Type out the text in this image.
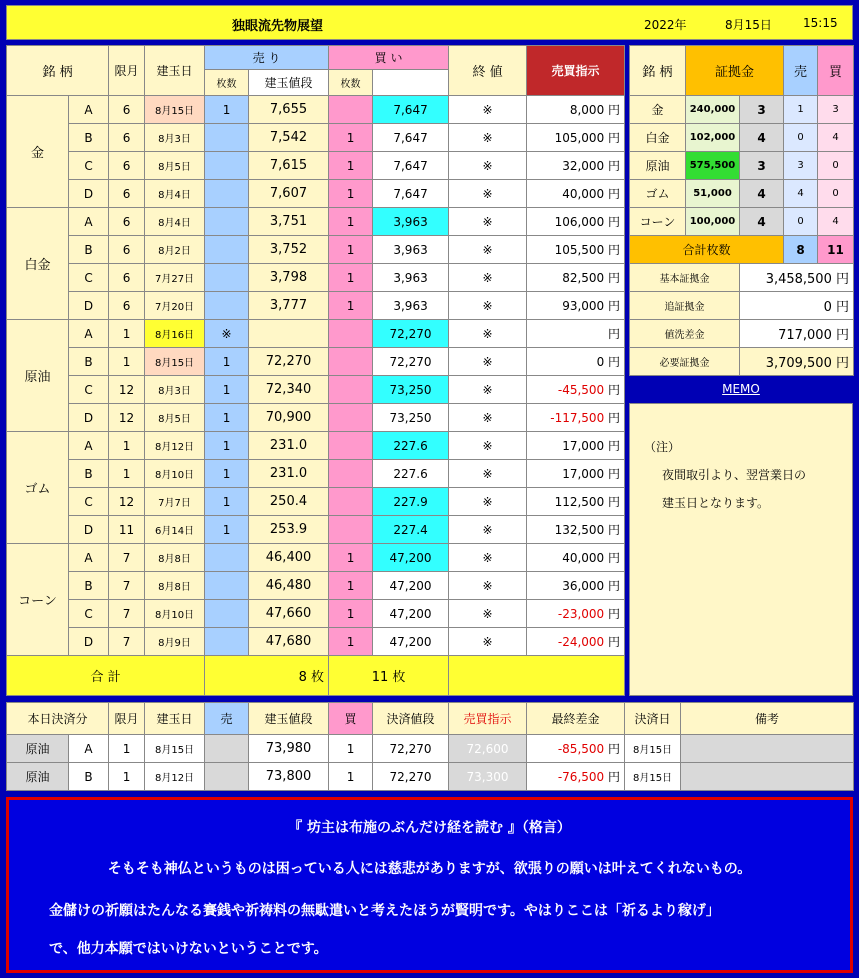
独眼流先物展望	2022年	8月15日	15:15
銘 柄		限月	建玉日	売 り		買 い		終 値	売買指示	
				枚数	建玉値段	枚数				
金	A	6	8月15日	1	7,655		7,647	※	8,000 円	
	B	6	8月3日		7,542	1	7,647	※	105,000 円	
	C	6	8月5日		7,615	1	7,647	※	32,000 円	
	D	6	8月4日		7,607	1	7,647	※	40,000 円	
白金	A	6	8月4日		3,751	1	3,963	※	106,000 円	
	B	6	8月2日		3,752	1	3,963	※	105,500 円	
	C	6	7月27日		3,798	1	3,963	※	82,500 円	
	D	6	7月20日		3,777	1	3,963	※	93,000 円	
原油	A	1	8月16日	※			72,270	※	円	
	B	1	8月15日	1	72,270		72,270	※	0 円	
	C	12	8月3日	1	72,340		73,250	※	-45,500 円	
	D	12	8月5日	1	70,900		73,250	※	-117,500 円	
ゴム	A	1	8月12日	1	231.0		227.6	※	17,000 円	
	B	1	8月10日	1	231.0		227.6	※	17,000 円	
	C	12	7月7日	1	250.4		227.9	※	112,500 円	
	D	11	6月14日	1	253.9		227.4	※	132,500 円	
コーン	A	7	8月8日		46,400	1	47,200	※	40,000 円	
	B	7	8月8日		46,480	1	47,200	※	36,000 円	
	C	7	8月10日		47,660	1	47,200	※	-23,000 円	
	D	7	8月9日		47,680	1	47,200	※	-24,000 円	
合 計				8 枚		11 枚		
銘 柄	証拠金		売	買
金	240,000	3	1	3
白金	102,000	4	0	4
原油	575,500	3	3	0
ゴム	51,000	4	4	0
コーン	100,000	4	0	4
合計枚数			8	11
基本証拠金		3,458,500 円		
追証拠金		0 円		
値洗差金		717,000 円		
必要証拠金		3,709,500 円		
MEMO
（注）
夜間取引より、翌営業日の
建玉日となります。
本日決済分		限月	建玉日	売	建玉値段	買	決済値段	売買指示	最終差金	決済日	備考
原油	A	1	8月15日		73,980	1	72,270	72,600	-85,500 円	8月15日	
原油	B	1	8月12日		73,800	1	72,270	73,300	-76,500 円	8月15日	
『 坊主は布施のぶんだけ経を読む 』（格言）
そもそも神仏というものは困っている人には慈悲がありますが、欲張りの願いは叶えてくれないもの。
金儲けの祈願はたんなる賽銭や祈祷料の無駄遣いと考えたほうが賢明です。やはりここは「祈るより稼げ」
で、他力本願ではいけないということです。
